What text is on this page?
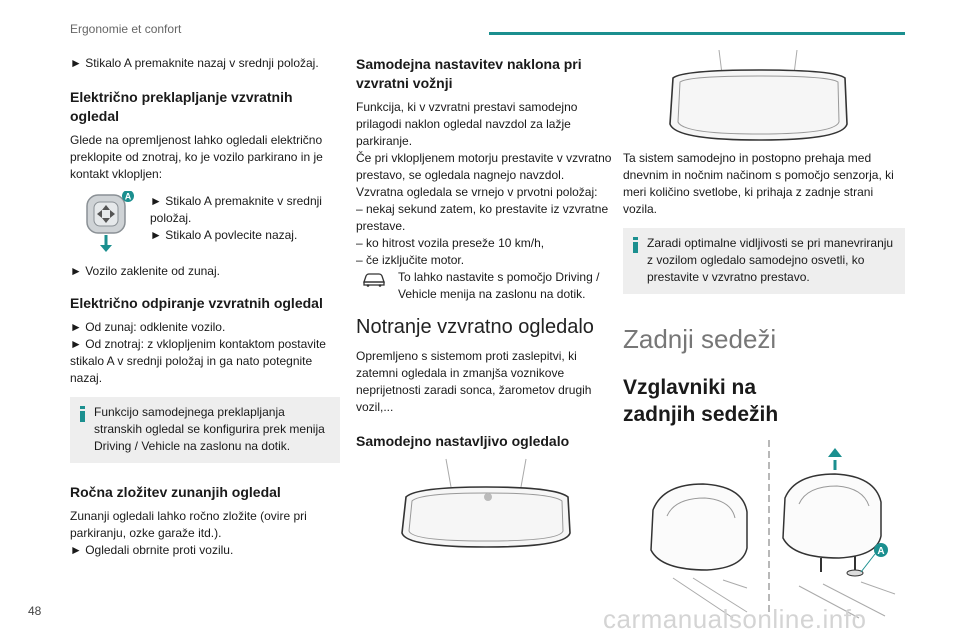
Ergonomie et confort

► Stikalo A premaknite nazaj v srednji položaj.

Električno preklapljanje vzvratnih ogledal

Glede na opremljenost lahko ogledali električno preklopite od znotraj, ko je vozilo parkirano in je kontakt vklopljen:

A ► Stikalo A premaknite v srednji položaj.

► Stikalo A povlecite nazaj.

► Vozilo zaklenite od zunaj.

Električno odpiranje vzvratnih ogledal

► Od zunaj: odklenite vozilo.

► Od znotraj: z vklopljenim kontaktom postavite stikalo A v srednji položaj in ga nato potegnite nazaj.

Funkcijo samodejnega preklapljanja stranskih ogledal se konfigurira prek menija Driving / Vehicle na zaslonu na dotik.

Ročna zložitev zunanjih ogledal

Zunanji ogledali lahko ročno zložite (ovire pri parkiranju, ozke garaže itd.).

► Ogledali obrnite proti vozilu.

Samodejna nastavitev naklona pri vzvratni vožnji

Funkcija, ki v vzvratni prestavi samodejno prilagodi naklon ogledal navzdol za lažje parkiranje.

Če pri vklopljenem motorju prestavite v vzvratno prestavo, se ogledala nagnejo navzdol.

Vzvratna ogledala se vrnejo v prvotni položaj:

– nekaj sekund zatem, ko prestavite iz vzvratne prestave.

– ko hitrost vozila preseže 10 km/h,

– če izključite motor.

To lahko nastavite s pomočjo Driving / Vehicle menija na zaslonu na dotik.

Notranje vzvratno ogledalo

Opremljeno s sistemom proti zaslepitvi, ki zatemni ogledala in zmanjša voznikove neprijetnosti zaradi sonca, žarometov drugih vozil,...

Samodejno nastavljivo ogledalo

Ta sistem samodejno in postopno prehaja med dnevnim in nočnim načinom s pomočjo senzorja, ki meri količino svetlobe, ki prihaja z zadnje strani vozila.

Zaradi optimalne vidljivosti se pri manevriranju z vozilom ogledalo samodejno osvetli, ko prestavite v vzvratno prestavo.

Zadnji sedeži

Vzglavniki na zadnjih sedežih

A
48	carmanualsonline.info
